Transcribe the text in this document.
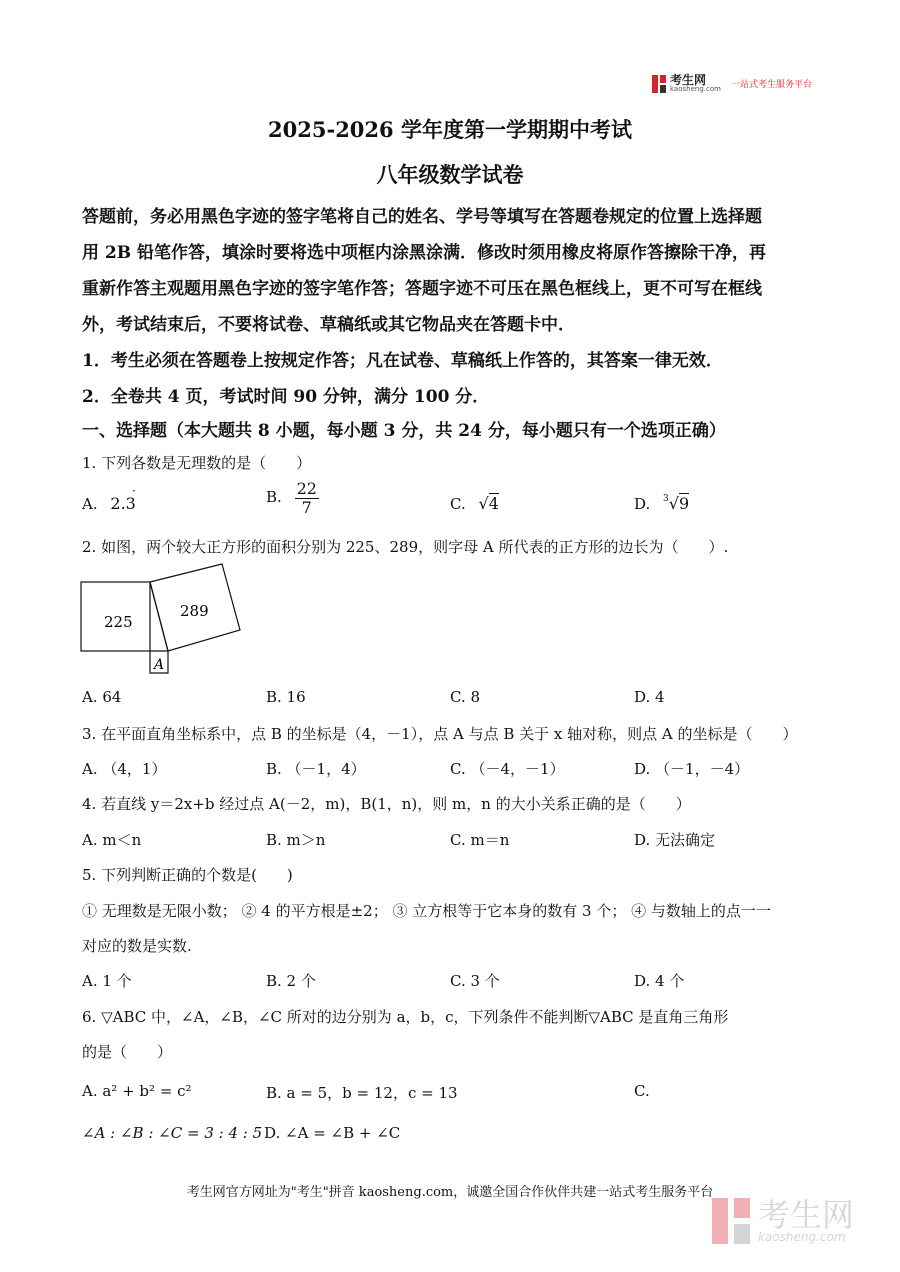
考生网
kaosheng.com 一站式考生服务平台
2025-2026 学年度第一学期期中考试
八年级数学试卷
答题前，务必用黑色字迹的签字笔将自己的姓名、学号等填写在答题卷规定的位置上选择题
用 2B 铅笔作答，填涂时要将选中项框内涂黑涂满．修改时须用橡皮将原作答擦除干净，再
重新作答主观题用黑色字迹的签字笔作答；答题字迹不可压在黑色框线上，更不可写在框线
外，考试结束后，不要将试卷、草稿纸或其它物品夹在答题卡中．
1．考生必须在答题卷上按规定作答；凡在试卷、草稿纸上作答的，其答案一律无效．
2．全卷共 4 页，考试时间 90 分钟，满分 100 分．
一、选择题（本大题共 8 小题，每小题 3 分，共 24 分，每小题只有一个选项正确）
1. 下列各数是无理数的是（　　）
A. 2.3
·	B. $\frac{22}{7}$	C. √4	D. $^3$√9
2. 如图，两个较大正方形的面积分别为 225、289，则字母 A 所代表的正方形的边长为（　　）.
225
289
A
A. 64	B. 16	C. 8	D. 4
3. 在平面直角坐标系中，点 B 的坐标是（4，－1），点 A 与点 B 关于 x 轴对称，则点 A 的坐标是（　　）
A. （4，1）	B. （－1，4）	C. （－4，－1）	D. （－1，－4）
4. 若直线 y＝2x+b 经过点 A(－2，m)，B(1，n)，则 m，n 的大小关系正确的是（　　）
A. m＜n	B. m＞n	C. m＝n	D. 无法确定
5. 下列判断正确的个数是(　　)
① 无理数是无限小数； ② 4 的平方根是±2； ③ 立方根等于它本身的数有 3 个； ④ 与数轴上的点一一
对应的数是实数.
A. 1 个	B. 2 个	C. 3 个	D. 4 个
6. ▽ABC 中，∠A，∠B，∠C 所对的边分别为 a，b，c，下列条件不能判断▽ABC 是直角三角形
的是（　　）
A. a² + b² = c²	B. a = 5，b = 12，c = 13	C.
∠A : ∠B : ∠C = 3 : 4 : 5 D. ∠A = ∠B + ∠C
考生网官方网址为"考生"拼音 kaosheng.com，诚邀全国合作伙伴共建一站式考生服务平台
考生网
kaosheng.com
